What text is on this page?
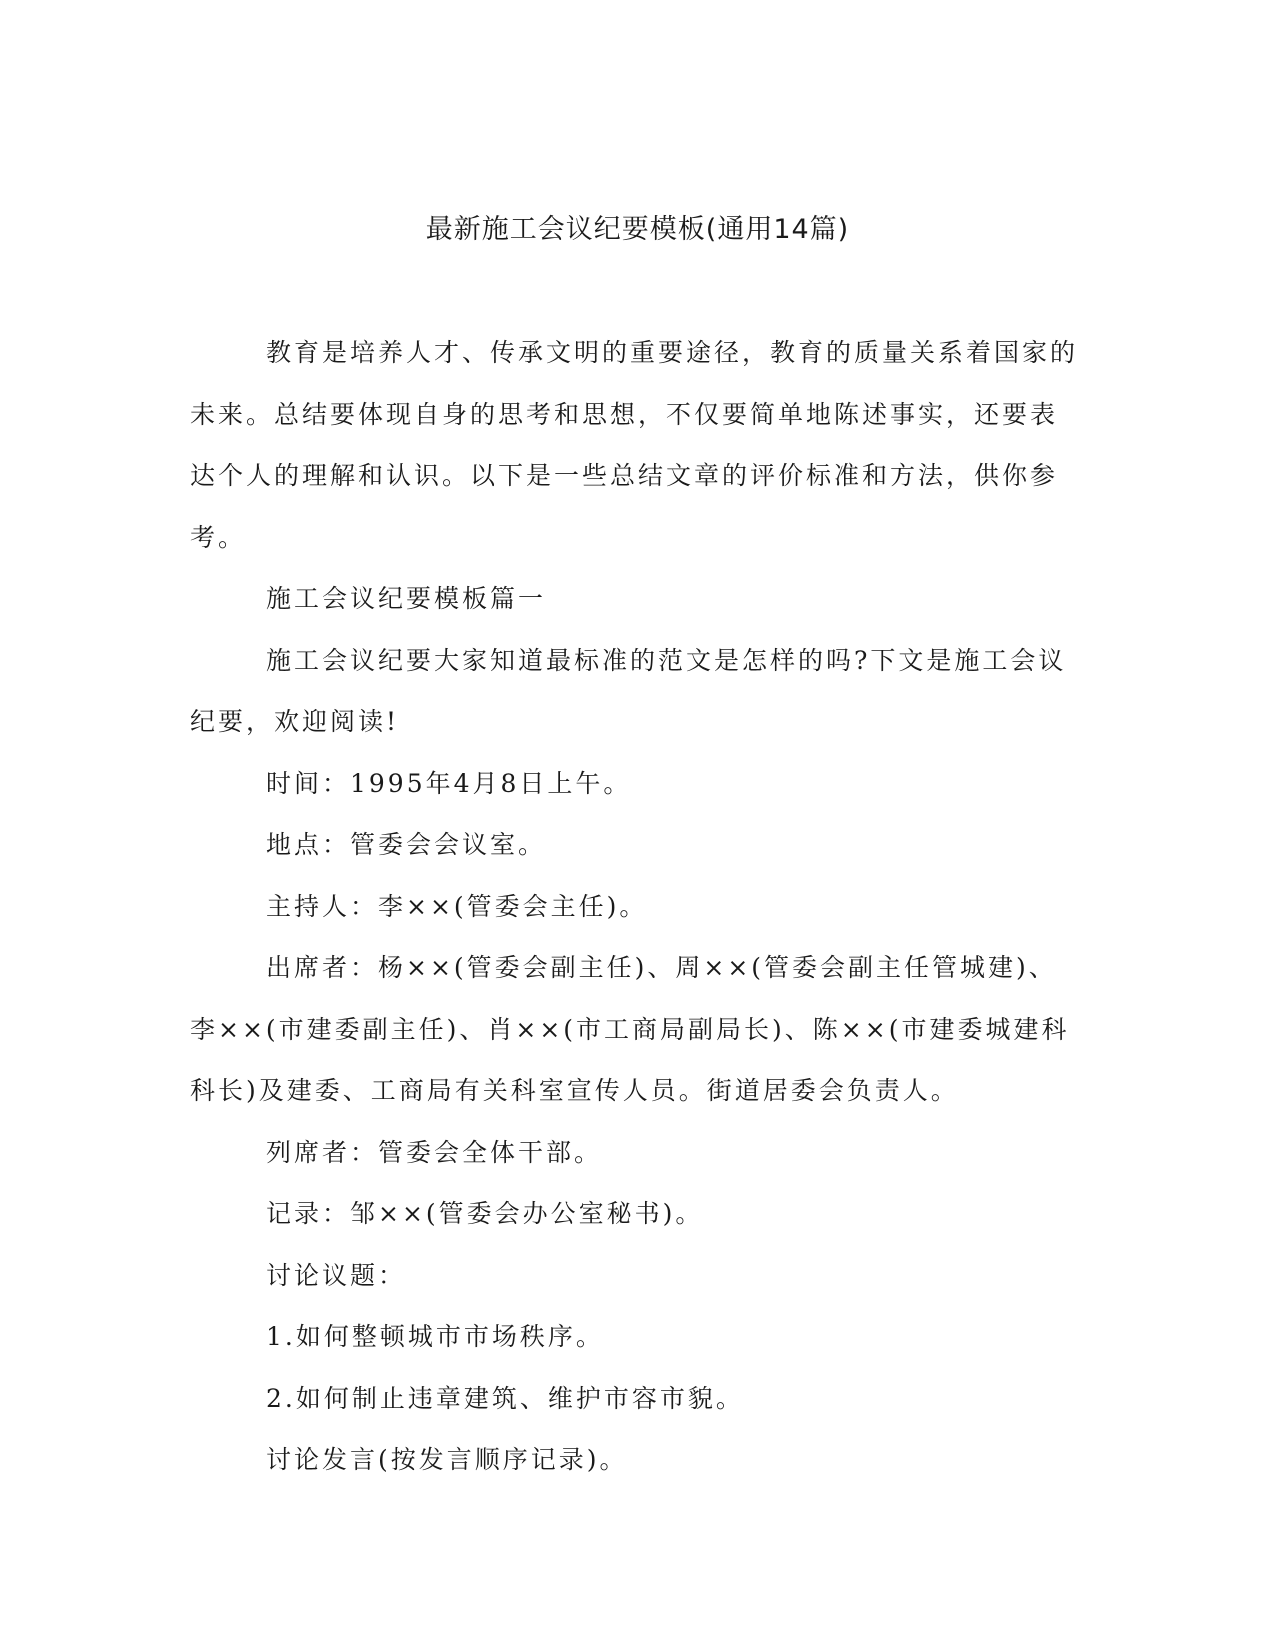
最新施工会议纪要模板(通用14篇)

教育是培养人才、传承文明的重要途径，教育的质量关系着国家的未来。总结要体现自身的思考和思想，不仅要简单地陈述事实，还要表达个人的理解和认识。以下是一些总结文章的评价标准和方法，供你参考。

施工会议纪要模板篇一

施工会议纪要大家知道最标准的范文是怎样的吗?下文是施工会议纪要，欢迎阅读!

时间：1995年4月8日上午。

地点：管委会会议室。

主持人：李××(管委会主任)。

出席者：杨××(管委会副主任)、周××(管委会副主任管城建)、李××(市建委副主任)、肖××(市工商局副局长)、陈××(市建委城建科科长)及建委、工商局有关科室宣传人员。街道居委会负责人。

列席者：管委会全体干部。

记录：邹××(管委会办公室秘书)。

讨论议题：

1.如何整顿城市市场秩序。

2.如何制止违章建筑、维护市容市貌。

讨论发言(按发言顺序记录)。
